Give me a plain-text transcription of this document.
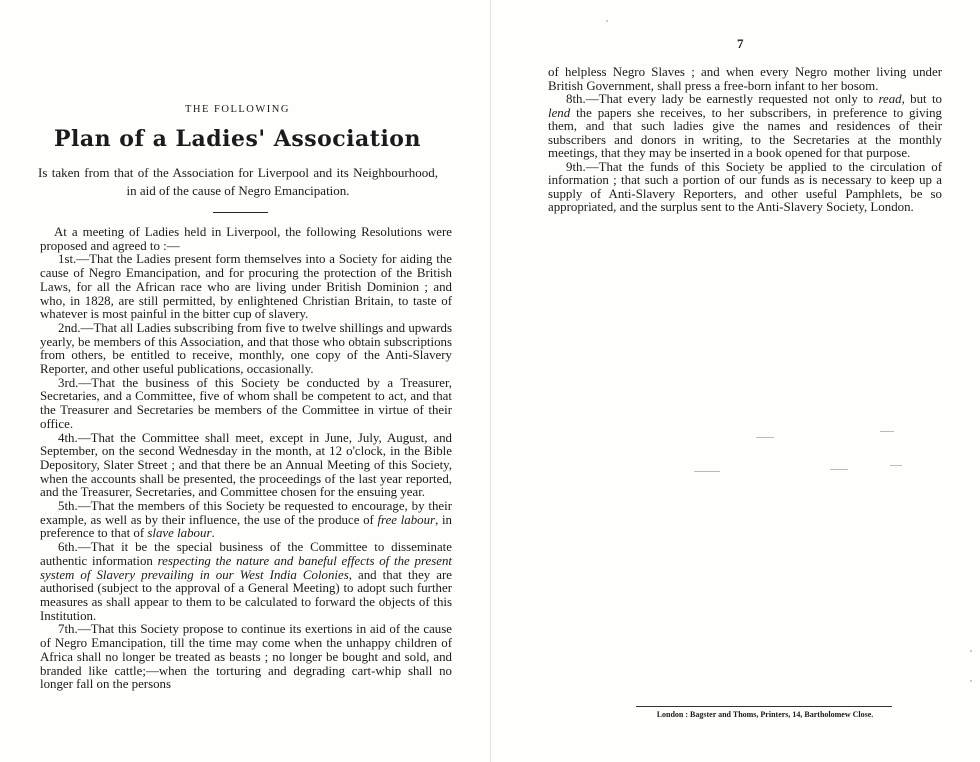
THE FOLLOWING
Plan of a Ladies' Association
Is taken from that of the Association for Liverpool and its Neighbourhood, in aid of the cause of Negro Emancipation.

At a meeting of Ladies held in Liverpool, the following Resolutions were proposed and agreed to :—

1st.—That the Ladies present form themselves into a Society for aiding the cause of Negro Emancipation, and for procuring the protection of the British Laws, for all the African race who are living under British Dominion ; and who, in 1828, are still permitted, by enlightened Christian Britain, to taste of whatever is most painful in the bitter cup of slavery.

2nd.—That all Ladies subscribing from five to twelve shillings and upwards yearly, be members of this Association, and that those who obtain subscriptions from others, be entitled to receive, monthly, one copy of the Anti-Slavery Reporter, and other useful publications, occasionally.

3rd.—That the business of this Society be conducted by a Treasurer, Secretaries, and a Committee, five of whom shall be competent to act, and that the Treasurer and Secretaries be members of the Committee in virtue of their office.

4th.—That the Committee shall meet, except in June, July, August, and September, on the second Wednesday in the month, at 12 o'clock, in the Bible Depository, Slater Street ; and that there be an Annual Meeting of this Society, when the accounts shall be presented, the proceedings of the last year reported, and the Treasurer, Secretaries, and Committee chosen for the ensuing year.

5th.—That the members of this Society be requested to encourage, by their example, as well as by their influence, the use of the produce of free labour, in preference to that of slave labour.

6th.—That it be the special business of the Committee to disseminate authentic information respecting the nature and baneful effects of the present system of Slavery prevailing in our West India Colonies, and that they are authorised (subject to the approval of a General Meeting) to adopt such further measures as shall appear to them to be calculated to forward the objects of this Institution.

7th.—That this Society propose to continue its exertions in aid of the cause of Negro Emancipation, till the time may come when the unhappy children of Africa shall no longer be treated as beasts ; no longer be bought and sold, and branded like cattle;—when the torturing and degrading cart-whip shall no longer fall on the persons

7

of helpless Negro Slaves ; and when every Negro mother living under British Government, shall press a free-born infant to her bosom.

8th.—That every lady be earnestly requested not only to read, but to lend the papers she receives, to her subscribers, in preference to giving them, and that such ladies give the names and residences of their subscribers and donors in writing, to the Secretaries at the monthly meetings, that they may be inserted in a book opened for that purpose.

9th.—That the funds of this Society be applied to the circulation of information ; that such a portion of our funds as is necessary to keep up a supply of Anti-Slavery Reporters, and other useful Pamphlets, be so appropriated, and the surplus sent to the Anti-Slavery Society, London.

London : Bagster and Thoms, Printers, 14, Bartholomew Close.
